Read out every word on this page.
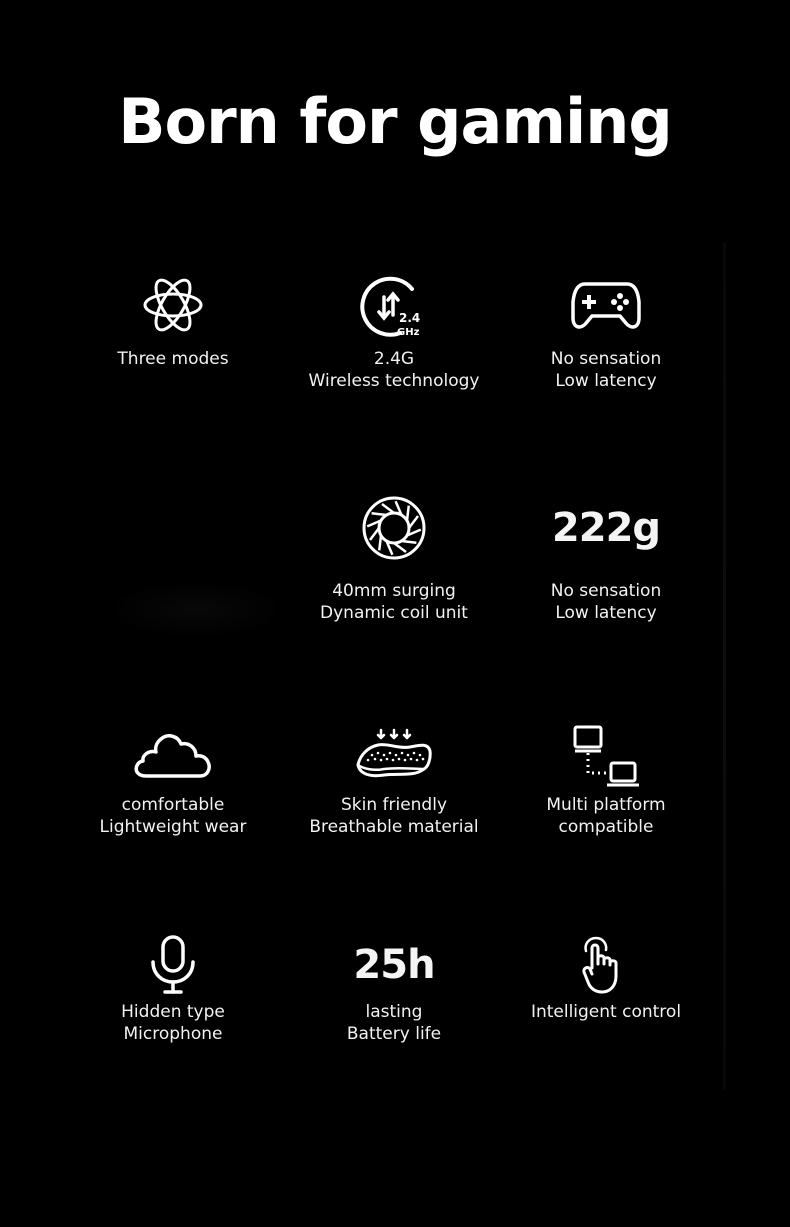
Born for gaming
Three modes
2.4
GHz
2.4G
Wireless technology
No sensation
Low latency
40mm surging
Dynamic coil unit
222g
No sensation
Low latency
comfortable
Lightweight wear
Skin friendly
Breathable material
Multi platform
compatible
Hidden type
Microphone
25h
lasting
Battery life
Intelligent control
